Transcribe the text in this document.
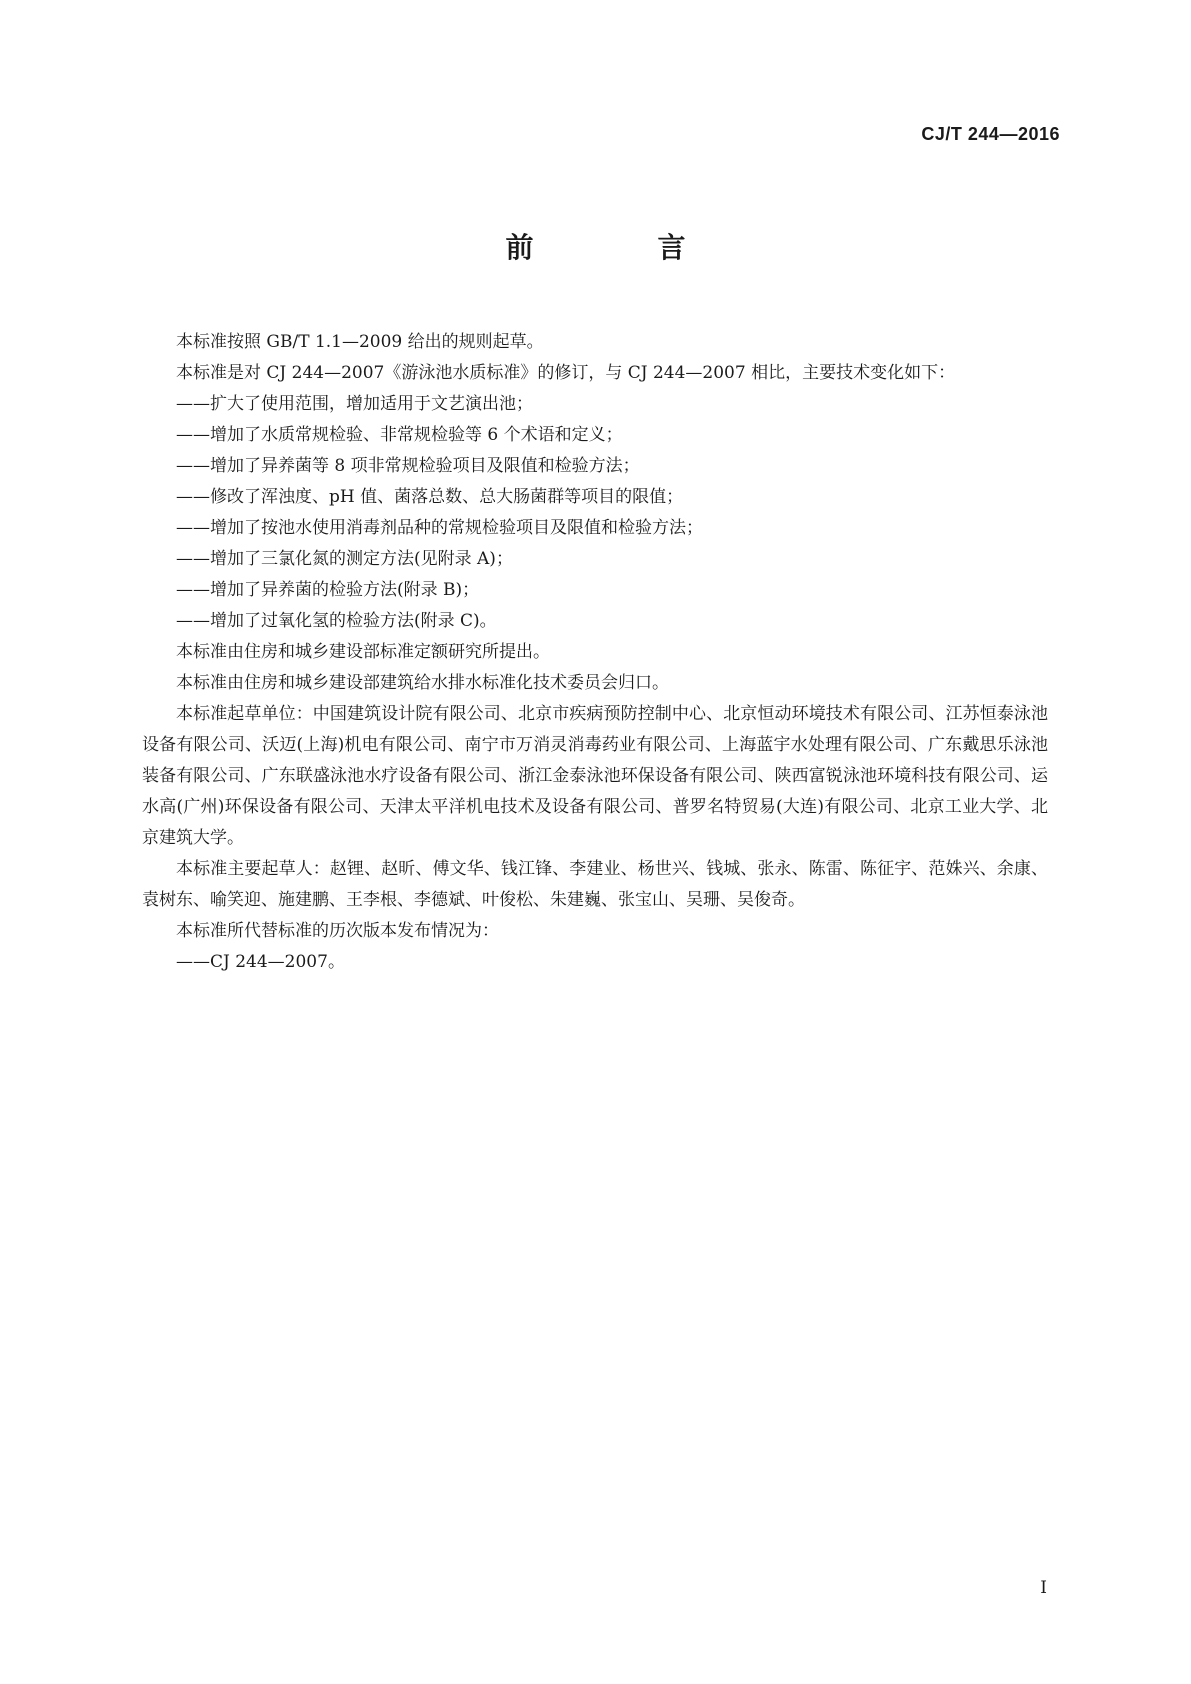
CJ/T 244—2016
前　言

本标准按照 GB/T 1.1—2009 给出的规则起草。

本标准是对 CJ 244—2007《游泳池水质标准》的修订，与 CJ 244—2007 相比，主要技术变化如下：

——扩大了使用范围，增加适用于文艺演出池；

——增加了水质常规检验、非常规检验等 6 个术语和定义；

——增加了异养菌等 8 项非常规检验项目及限值和检验方法；

——修改了浑浊度、pH 值、菌落总数、总大肠菌群等项目的限值；

——增加了按池水使用消毒剂品种的常规检验项目及限值和检验方法；

——增加了三氯化氮的测定方法(见附录 A)；

——增加了异养菌的检验方法(附录 B)；

——增加了过氧化氢的检验方法(附录 C)。

本标准由住房和城乡建设部标准定额研究所提出。

本标准由住房和城乡建设部建筑给水排水标准化技术委员会归口。

本标准起草单位：中国建筑设计院有限公司、北京市疾病预防控制中心、北京恒动环境技术有限公司、江苏恒泰泳池设备有限公司、沃迈(上海)机电有限公司、南宁市万消灵消毒药业有限公司、上海蓝宇水处理有限公司、广东戴思乐泳池装备有限公司、广东联盛泳池水疗设备有限公司、浙江金泰泳池环保设备有限公司、陕西富锐泳池环境科技有限公司、运水高(广州)环保设备有限公司、天津太平洋机电技术及设备有限公司、普罗名特贸易(大连)有限公司、北京工业大学、北京建筑大学。

本标准主要起草人：赵锂、赵昕、傅文华、钱江锋、李建业、杨世兴、钱城、张永、陈雷、陈征宇、范姝兴、余康、袁树东、喻笑迎、施建鹏、王李根、李德斌、叶俊松、朱建巍、张宝山、吴珊、吴俊奇。

本标准所代替标准的历次版本发布情况为：

——CJ 244—2007。

I
